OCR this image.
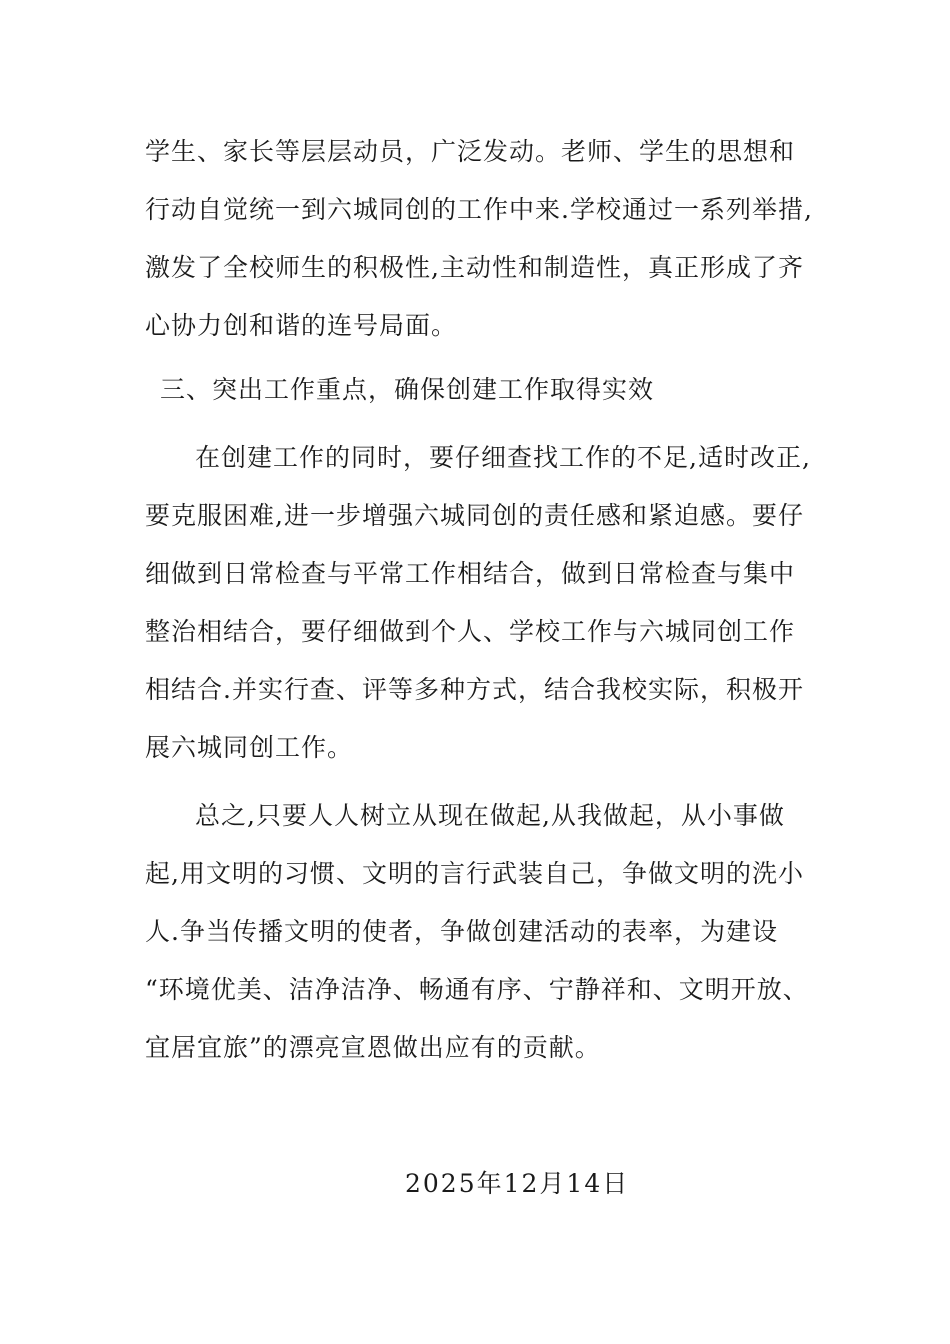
学生、家长等层层动员，广泛发动。老师、学生的思想和
行动自觉统一到六城同创的工作中来.学校通过一系列举措,
激发了全校师生的积极性,主动性和制造性，真正形成了齐
心协力创和谐的连号局面。
三、突出工作重点，确保创建工作取得实效
在创建工作的同时，要仔细查找工作的不足,适时改正,
要克服困难,进一步增强六城同创的责任感和紧迫感。要仔
细做到日常检查与平常工作相结合，做到日常检查与集中
整治相结合，要仔细做到个人、学校工作与六城同创工作
相结合.并实行查、评等多种方式，结合我校实际，积极开
展六城同创工作。
总之,只要人人树立从现在做起,从我做起，从小事做
起,用文明的习惯、文明的言行武装自己，争做文明的洗小
人.争当传播文明的使者，争做创建活动的表率，为建设
“环境优美、洁净洁净、畅通有序、宁静祥和、文明开放、
宜居宜旅”的漂亮宣恩做出应有的贡献。
2025年12月14日
